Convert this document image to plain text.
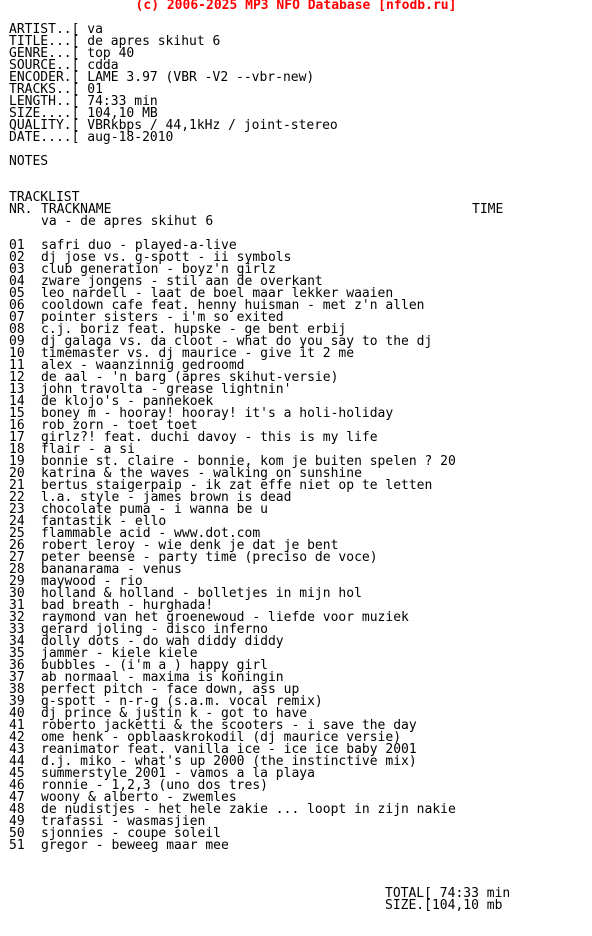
(c) 2006-2025 MP3 NFO Database [nfodb.ru]
ARTIST..[ va
TITLE...[ de apres skihut 6
GENRE...[ top 40
SOURCE..[ cdda
ENCODER.[ LAME 3.97 (VBR -V2 --vbr-new)
TRACKS..[ 01
LENGTH..[ 74:33 min
SIZE....[ 104,10 MB
QUALITY.[ VBRkbps / 44,1kHz / joint-stereo
DATE....[ aug-18-2010
NOTES
TRACKLIST
NR. TRACKNAME	TIME
va - de apres skihut 6
01	safri duo - played-a-live
02	dj jose vs. g-spott - ii symbols
03	club generation - boyz'n girlz
04	zware jongens - stil aan de overkant
05	leo nardell - laat de boel maar lekker waaien
06	cooldown cafe feat. henny huisman - met z'n allen
07	pointer sisters - i'm so exited
08	c.j. boriz feat. hupske - ge bent erbij
09	dj galaga vs. da cloot - what do you say to the dj
10	timemaster vs. dj maurice - give it 2 me
11	alex - waanzinnig gedroomd
12	de aal - 'n barg (apres skihut-versie)
13	john travolta - grease lightnin'
14	de klojo's - pannekoek
15	boney m - hooray! hooray! it's a holi-holiday
16	rob zorn - toet toet
17	girlz?! feat. duchi davoy - this is my life
18	flair - a si
19	bonnie st. claire - bonnie, kom je buiten spelen ? 20
20	katrina & the waves - walking on sunshine
21	bertus staigerpaip - ik zat effe niet op te letten
22	l.a. style - james brown is dead
23	chocolate puma - i wanna be u
24	fantastik - ello
25	flammable acid - www.dot.com
26	robert leroy - wie denk je dat je bent
27	peter beense - party time (preciso de voce)
28	bananarama - venus
29	maywood - rio
30	holland & holland - bolletjes in mijn hol
31	bad breath - hurghada!
32	raymond van het groenewoud - liefde voor muziek
33	gerard joling - disco inferno
34	dolly dots - do wah diddy diddy
35	jammer - kiele kiele
36	bubbles - (i'm a ) happy girl
37	ab normaal - maxima is koningin
38	perfect pitch - face down, ass up
39	g-spott - n-r-g (s.a.m. vocal remix)
40	dj prince & justin k - got to have
41	roberto jacketti & the scooters - i save the day
42	ome henk - opblaaskrokodil (dj maurice versie)
43	reanimator feat. vanilla ice - ice ice baby 2001
44	d.j. miko - what's up 2000 (the instinctive mix)
45	summerstyle 2001 - vamos a la playa
46	ronnie - 1,2,3 (uno dos tres)
47	woony & alberto - zwemles
48	de nudistjes - het hele zakie ... loopt in zijn nakie
49	trafassi - wasmasjien
50	sjonnies - coupe soleil
51	gregor - beweeg maar mee
TOTAL[ 74:33 min
SIZE.[104,10 mb
